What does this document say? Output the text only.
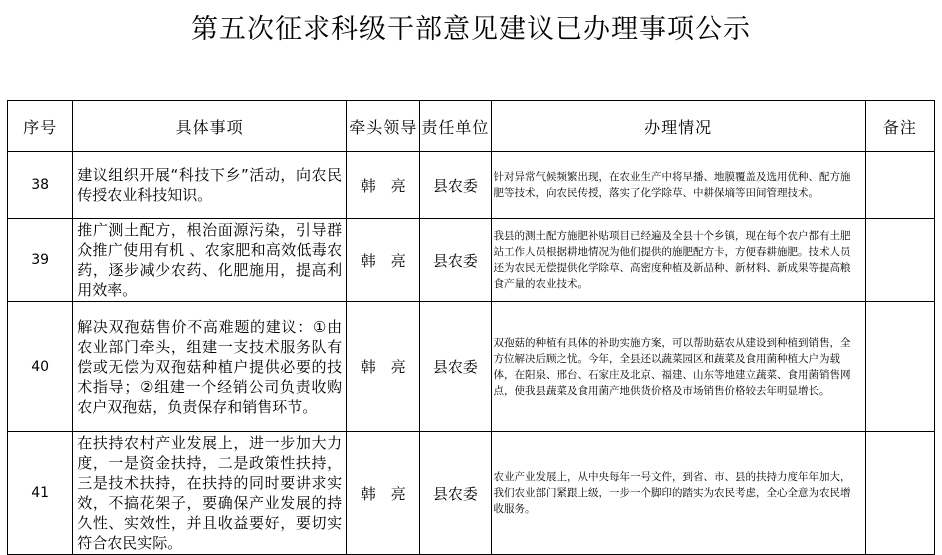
第五次征求科级干部意见建议已办理事项公示
序号	具体事项	牵头领导	责任单位	办理情况	备注
38	建议组织开展“科技下乡”活动，向农民传授农业科技知识。	韩　亮	县农委	针对异常气候频繁出现，在农业生产中将早播、地膜覆盖及选用优种、配方施肥等技术，向农民传授，落实了化学除草、中耕保墒等田间管理技术。	
39	推广测土配方，根治面源污染，引导群众推广使用有机 、农家肥和高效低毒农药，逐步减少农药、化肥施用，提高利用效率。	韩　亮	县农委	我县的测土配方施肥补贴项目已经遍及全县十个乡镇，现在每个农户都有土肥站工作人员根据耕地情况为他们提供的施肥配方卡，方便春耕施肥。技术人员还为农民无偿提供化学除草、高密度种植及新品种、新材料、新成果等提高粮食产量的农业技术。	
40	解决双孢菇售价不高难题的建议：①由农业部门牵头，组建一支技术服务队有偿或无偿为双孢菇种植户提供必要的技术指导；②组建一个经销公司负责收购农户双孢菇，负责保存和销售环节。	韩　亮	县农委	双孢菇的种植有具体的补助实施方案，可以帮助菇农从建设到种植到销售，全方位解决后顾之忧。今年，全县还以蔬菜园区和蔬菜及食用菌种植大户为载体，在阳泉、邢台、石家庄及北京、福建、山东等地建立蔬菜、食用菌销售网点，使我县蔬菜及食用菌产地供货价格及市场销售价格较去年明显增长。	
41	在扶持农村产业发展上，进一步加大力度，一是资金扶持，二是政策性扶持，三是技术扶持，在扶持的同时要讲求实效，不搞花架子，要确保产业发展的持久性、实效性，并且收益要好，要切实符合农民实际。	韩　亮	县农委	农业产业发展上，从中央每年一号文件，到省、市、县的扶持力度年年加大，我们农业部门紧跟上级，一步一个脚印的踏实为农民考虑，全心全意为农民增收服务。	
